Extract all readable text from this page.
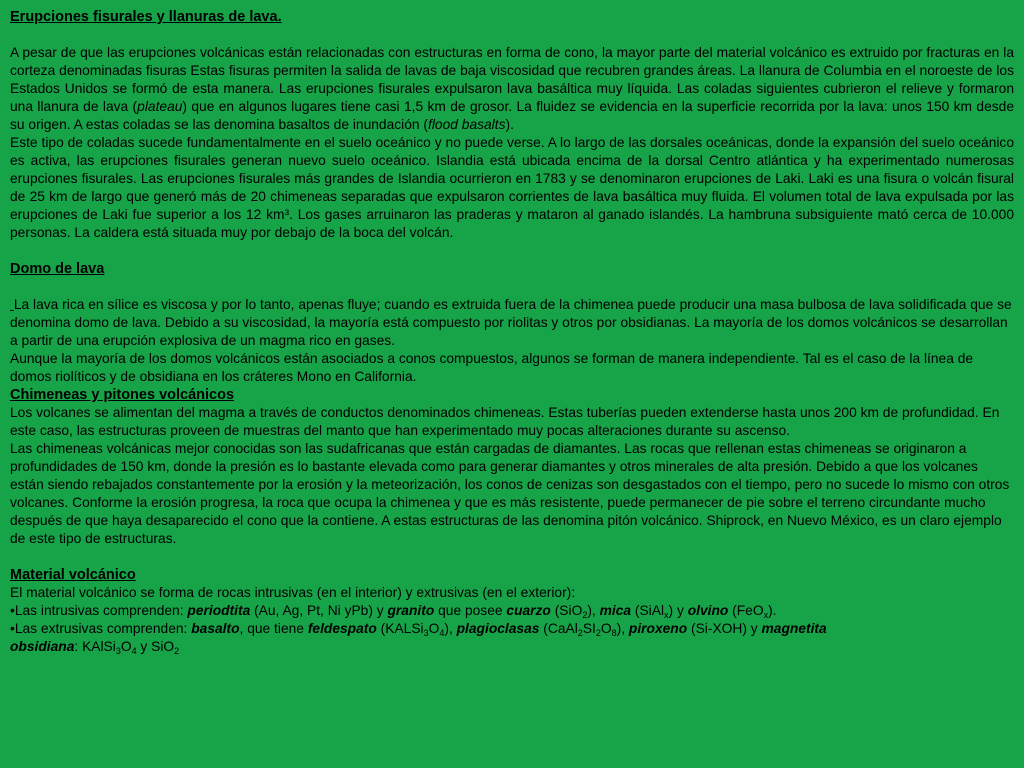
Erupciones fisurales y llanuras de lava.

A pesar de que las erupciones volcánicas están relacionadas con estructuras en forma de cono, la mayor parte del material volcánico es extruido por fracturas en la corteza denominadas fisuras Estas fisuras permiten la salida de lavas de baja viscosidad que recubren grandes áreas. La llanura de Columbia en el noroeste de los Estados Unidos se formó de esta manera. Las erupciones fisurales expulsaron lava basáltica muy líquida. Las coladas siguientes cubrieron el relieve y formaron una llanura de lava (plateau) que en algunos lugares tiene casi 1,5 km de grosor. La fluidez se evidencia en la superficie recorrida por la lava: unos 150 km desde su origen. A estas coladas se las denomina basaltos de inundación (flood basalts).

Este tipo de coladas sucede fundamentalmente en el suelo oceánico y no puede verse. A lo largo de las dorsales oceánicas, donde la expansión del suelo oceánico es activa, las erupciones fisurales generan nuevo suelo oceánico. Islandia está ubicada encima de la dorsal Centro atlántica y ha experimentado numerosas erupciones fisurales. Las erupciones fisurales más grandes de Islandia ocurrieron en 1783 y se denominaron erupciones de Laki. Laki es una fisura o volcán fisural de 25 km de largo que generó más de 20 chimeneas separadas que expulsaron corrientes de lava basáltica muy fluida. El volumen total de lava expulsada por las erupciones de Laki fue superior a los 12 km³. Los gases arruinaron las praderas y mataron al ganado islandés. La hambruna subsiguiente mató cerca de 10.000 personas. La caldera está situada muy por debajo de la boca del volcán.

Domo de lava

La lava rica en sílice es viscosa y por lo tanto, apenas fluye; cuando es extruida fuera de la chimenea puede producir una masa bulbosa de lava solidificada que se denomina domo de lava. Debido a su viscosidad, la mayoría está compuesto por riolitas y otros por obsidianas. La mayoría de los domos volcánicos se desarrollan a partir de una erupción explosiva de un magma rico en gases.

Aunque la mayoría de los domos volcánicos están asociados a conos compuestos, algunos se forman de manera independiente. Tal es el caso de la línea de domos riolíticos y de obsidiana en los cráteres Mono en California.

Chimeneas y pitones volcánicos

Los volcanes se alimentan del magma a través de conductos denominados chimeneas. Estas tuberías pueden extenderse hasta unos 200 km de profundidad. En este caso, las estructuras proveen de muestras del manto que han experimentado muy pocas alteraciones durante su ascenso.

Las chimeneas volcánicas mejor conocidas son las sudafricanas que están cargadas de diamantes. Las rocas que rellenan estas chimeneas se originaron a profundidades de 150 km, donde la presión es lo bastante elevada como para generar diamantes y otros minerales de alta presión. Debido a que los volcanes están siendo rebajados constantemente por la erosión y la meteorización, los conos de cenizas son desgastados con el tiempo, pero no sucede lo mismo con otros volcanes. Conforme la erosión progresa, la roca que ocupa la chimenea y que es más resistente, puede permanecer de pie sobre el terreno circundante mucho después de que haya desaparecido el cono que la contiene. A estas estructuras de las denomina pitón volcánico. Shiprock, en Nuevo México, es un claro ejemplo de este tipo de estructuras.

Material volcánico

El material volcánico se forma de rocas intrusivas (en el interior) y extrusivas (en el exterior):

•Las intrusivas comprenden: periodtita (Au, Ag, Pt, Ni yPb) y granito que posee cuarzo (SiO$_2$), mica (SiAl$_x$) y olvino (FeO$_x$).

•Las extrusivas comprenden: basalto, que tiene feldespato $(KALSi_3O_4)$, plagioclasas $(CaAl_2SI_2O_8)$, piroxeno (Si-XOH) y magnetita
obsidiana: $KAlSi_3O_4$ y SiO$_2$
